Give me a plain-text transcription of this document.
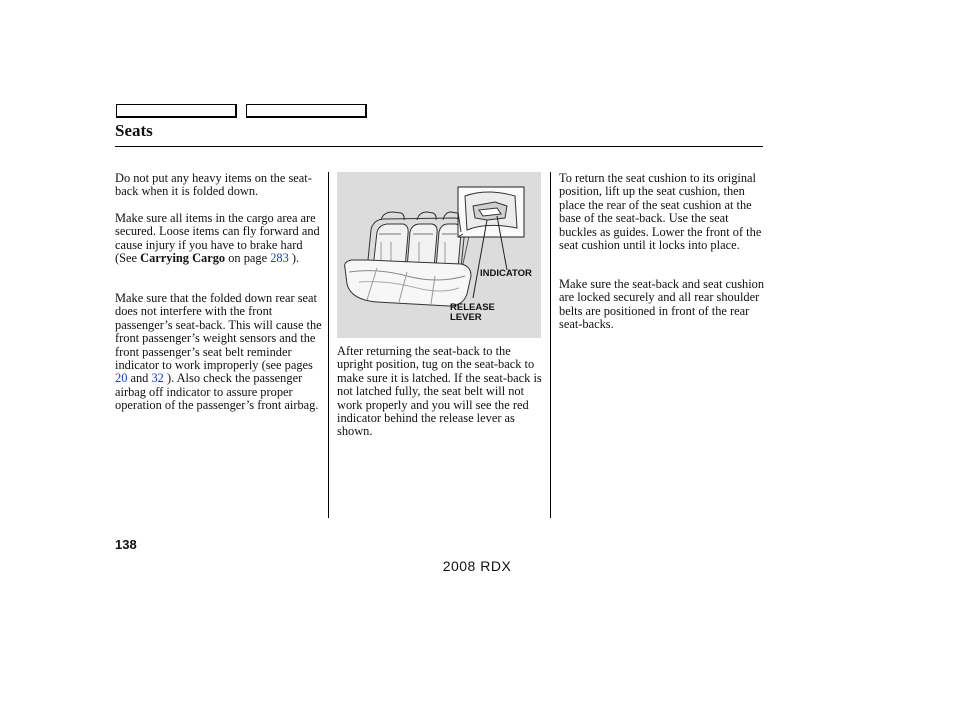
Seats

Do not put any heavy items on the seat-back when it is folded down.

Make sure all items in the cargo area are secured. Loose items can fly forward and cause injury if you have to brake hard (See Carrying Cargo on page 283 ).

Make sure that the folded down rear seat does not interfere with the front passenger’s seat-back. This will cause the front passenger’s weight sensors and the front passenger’s seat belt reminder indicator to work improperly (see pages 20 and 32 ). Also check the passenger airbag off indicator to assure proper operation of the passenger’s front airbag.

INDICATOR
RELEASE
LEVER

After returning the seat-back to the upright position, tug on the seat-back to make sure it is latched. If the seat-back is not latched fully, the seat belt will not work properly and you will see the red indicator behind the release lever as shown.

To return the seat cushion to its original position, lift up the seat cushion, then place the rear of the seat cushion at the base of the seat-back. Use the seat buckles as guides. Lower the front of the seat cushion until it locks into place.

Make sure the seat-back and seat cushion are locked securely and all rear shoulder belts are positioned in front of the rear seat-backs.

138
2008 RDX
